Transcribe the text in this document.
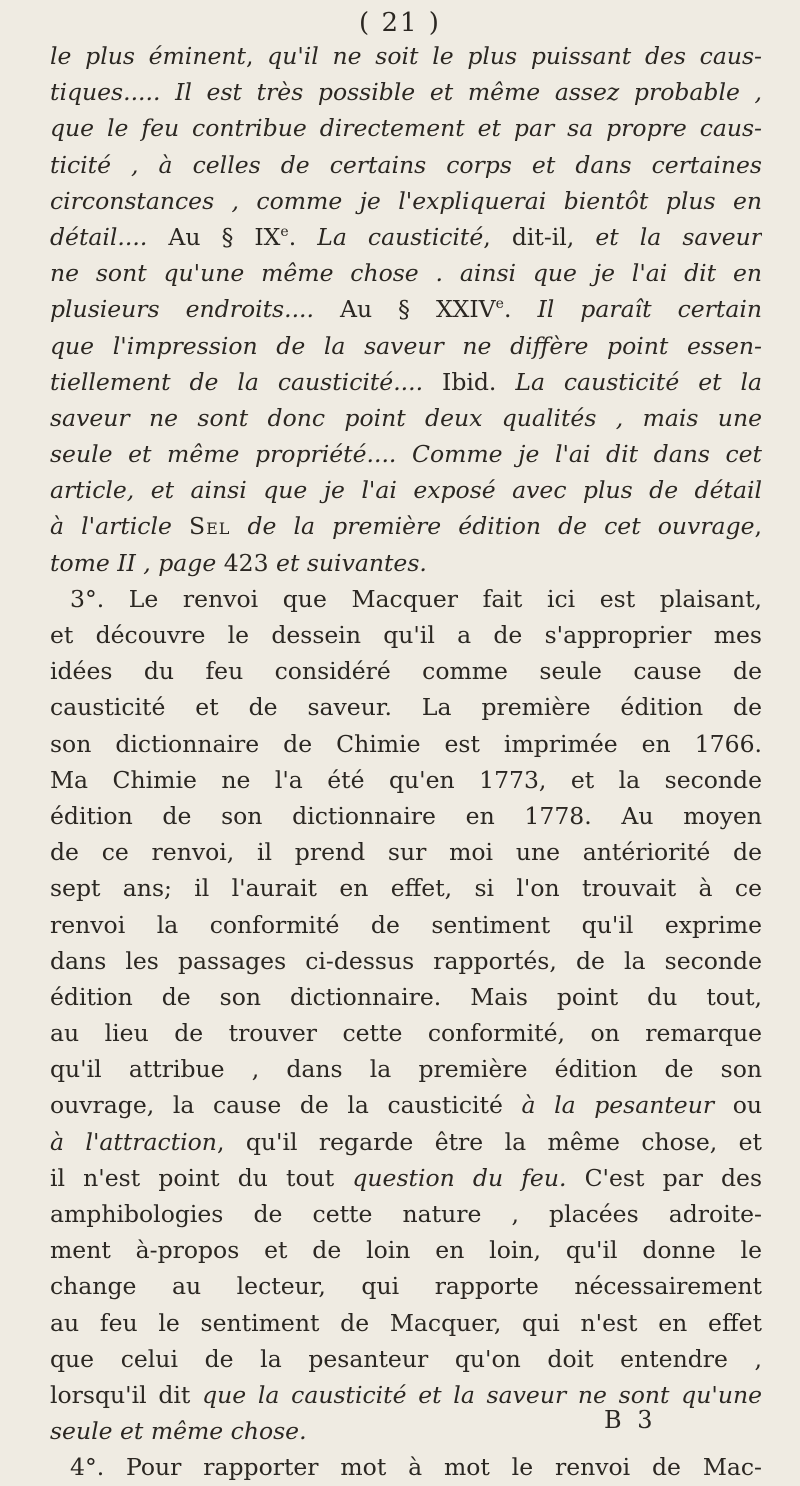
( 21 )
le plus éminent, qu'il ne soit le plus puissant des caus-
tiques..... Il est très possible et même assez probable ,
que le feu contribue directement et par sa propre caus-
ticité , à celles de certains corps et dans certaines
circonstances , comme je l'expliquerai bientôt plus en
détail.... Au § IXe. La causticité, dit-il, et la saveur
ne sont qu'une même chose . ainsi que je l'ai dit en
plusieurs endroits.... Au § XXIVe. Il paraît certain
que l'impression de la saveur ne diffère point essen-
tiellement de la causticité.... Ibid. La causticité et la
saveur ne sont donc point deux qualités , mais une
seule et même propriété.... Comme je l'ai dit dans cet
article, et ainsi que je l'ai exposé avec plus de détail
à l'article Sel de la première édition de cet ouvrage,
tome II , page 423 et suivantes.
3°. Le renvoi que Macquer fait ici est plaisant,
et découvre le dessein qu'il a de s'approprier mes
idées du feu considéré comme seule cause de
causticité et de saveur. La première édition de
son dictionnaire de Chimie est imprimée en 1766.
Ma Chimie ne l'a été qu'en 1773, et la seconde
édition de son dictionnaire en 1778. Au moyen
de ce renvoi, il prend sur moi une antériorité de
sept ans; il l'aurait en effet, si l'on trouvait à ce
renvoi la conformité de sentiment qu'il exprime
dans les passages ci-dessus rapportés, de la seconde
édition de son dictionnaire. Mais point du tout,
au lieu de trouver cette conformité, on remarque
qu'il attribue , dans la première édition de son
ouvrage, la cause de la causticité à la pesanteur ou
à l'attraction, qu'il regarde être la même chose, et
il n'est point du tout question du feu. C'est par des
amphibologies de cette nature , placées adroite-
ment à-propos et de loin en loin, qu'il donne le
change au lecteur, qui rapporte nécessairement
au feu le sentiment de Macquer, qui n'est en effet
que celui de la pesanteur qu'on doit entendre ,
lorsqu'il dit que la causticité et la saveur ne sont qu'une
seule et même chose.
4°. Pour rapporter mot à mot le renvoi de Mac-
B 3
